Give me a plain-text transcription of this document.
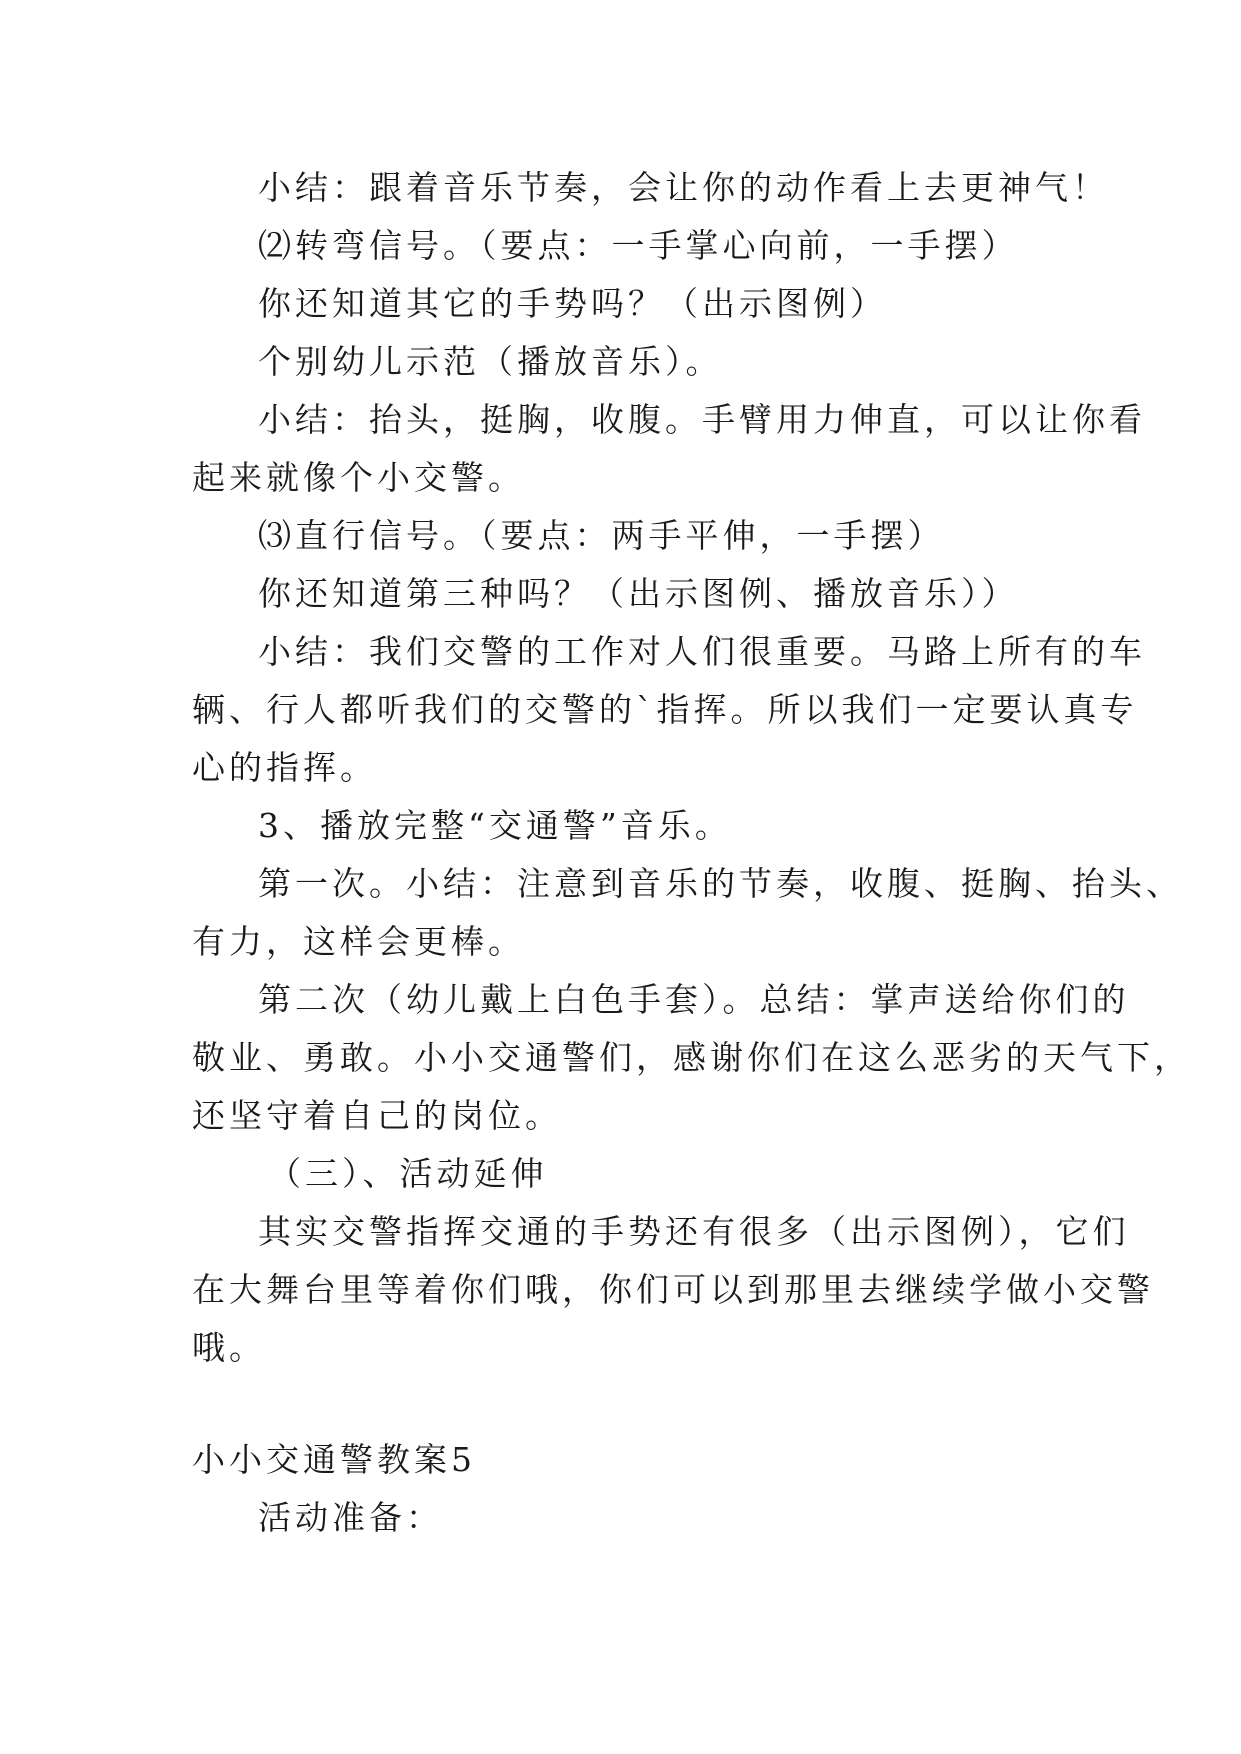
小结：跟着音乐节奏，会让你的动作看上去更神气！
⑵转弯信号。（要点：一手掌心向前，一手摆）
你还知道其它的手势吗？（出示图例）
个别幼儿示范（播放音乐）。
小结：抬头，挺胸，收腹。手臂用力伸直，可以让你看
起来就像个小交警。
⑶直行信号。（要点：两手平伸，一手摆）
你还知道第三种吗？（出示图例、播放音乐））
小结：我们交警的工作对人们很重要。马路上所有的车
辆、行人都听我们的交警的`指挥。所以我们一定要认真专
心的指挥。
3、播放完整“交通警”音乐。
第一次。小结：注意到音乐的节奏，收腹、挺胸、抬头、
有力，这样会更棒。
第二次（幼儿戴上白色手套）。总结：掌声送给你们的
敬业、勇敢。小小交通警们，感谢你们在这么恶劣的天气下，
还坚守着自己的岗位。
（三）、活动延伸
其实交警指挥交通的手势还有很多（出示图例），它们
在大舞台里等着你们哦，你们可以到那里去继续学做小交警
哦。
小小交通警教案5
活动准备：
